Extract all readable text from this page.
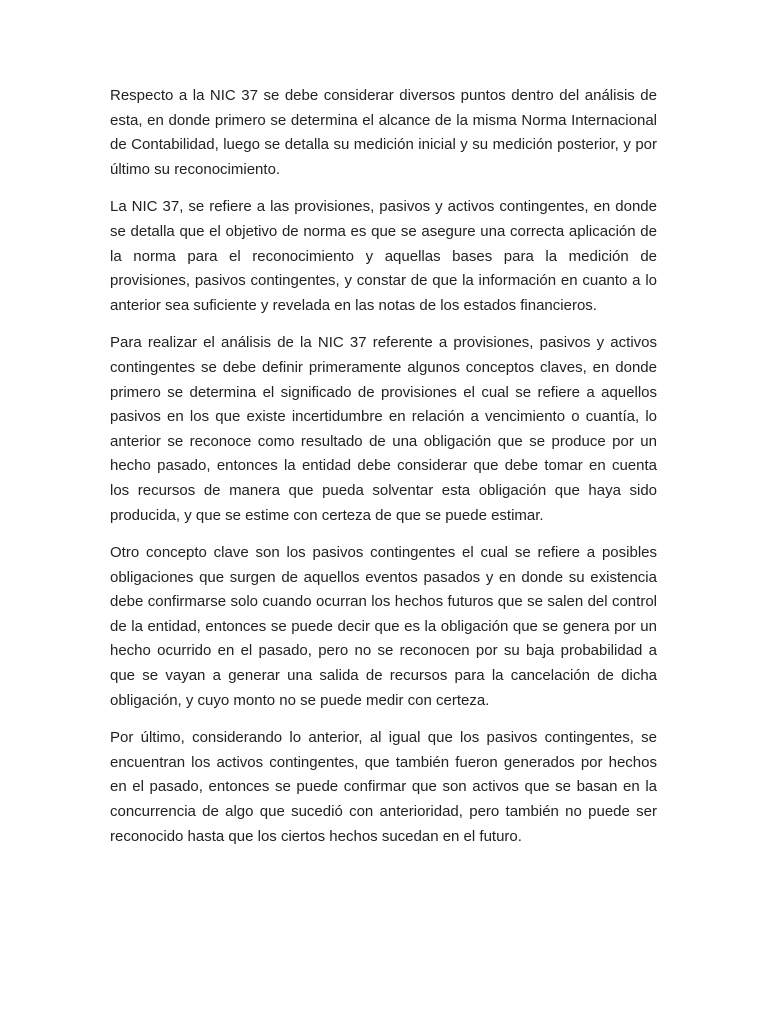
Respecto a la NIC 37 se debe considerar diversos puntos dentro del análisis de esta, en donde primero se determina el alcance de la misma Norma Internacional de Contabilidad, luego se detalla su medición inicial y su medición posterior, y por último su reconocimiento.

La NIC 37, se refiere a las provisiones, pasivos y activos contingentes, en donde se detalla que el objetivo de norma es que se asegure una correcta aplicación de la norma para el reconocimiento y aquellas bases para la medición de provisiones, pasivos contingentes, y constar de que la información en cuanto a lo anterior sea suficiente y revelada en las notas de los estados financieros.

Para realizar el análisis de la NIC 37 referente a provisiones, pasivos y activos contingentes se debe definir primeramente algunos conceptos claves, en donde primero se determina el significado de provisiones el cual se refiere a aquellos pasivos en los que existe incertidumbre en relación a vencimiento o cuantía, lo anterior se reconoce como resultado de una obligación que se produce por un hecho pasado, entonces la entidad debe considerar que debe tomar en cuenta los recursos de manera que pueda solventar esta obligación que haya sido producida, y que se estime con certeza de que se puede estimar.

Otro concepto clave son los pasivos contingentes el cual se refiere a posibles obligaciones que surgen de aquellos eventos pasados y en donde su existencia debe confirmarse solo cuando ocurran los hechos futuros que se salen del control de la entidad, entonces se puede decir que es la obligación que se genera por un hecho ocurrido en el pasado, pero no se reconocen por su baja probabilidad a que se vayan a generar una salida de recursos para la cancelación de dicha obligación, y cuyo monto no se puede medir con certeza.

Por último, considerando lo anterior, al igual que los pasivos contingentes, se encuentran los activos contingentes, que también fueron generados por hechos en el pasado, entonces se puede confirmar que son activos que se basan en la concurrencia de algo que sucedió con anterioridad, pero también no puede ser reconocido hasta que los ciertos hechos sucedan en el futuro.
